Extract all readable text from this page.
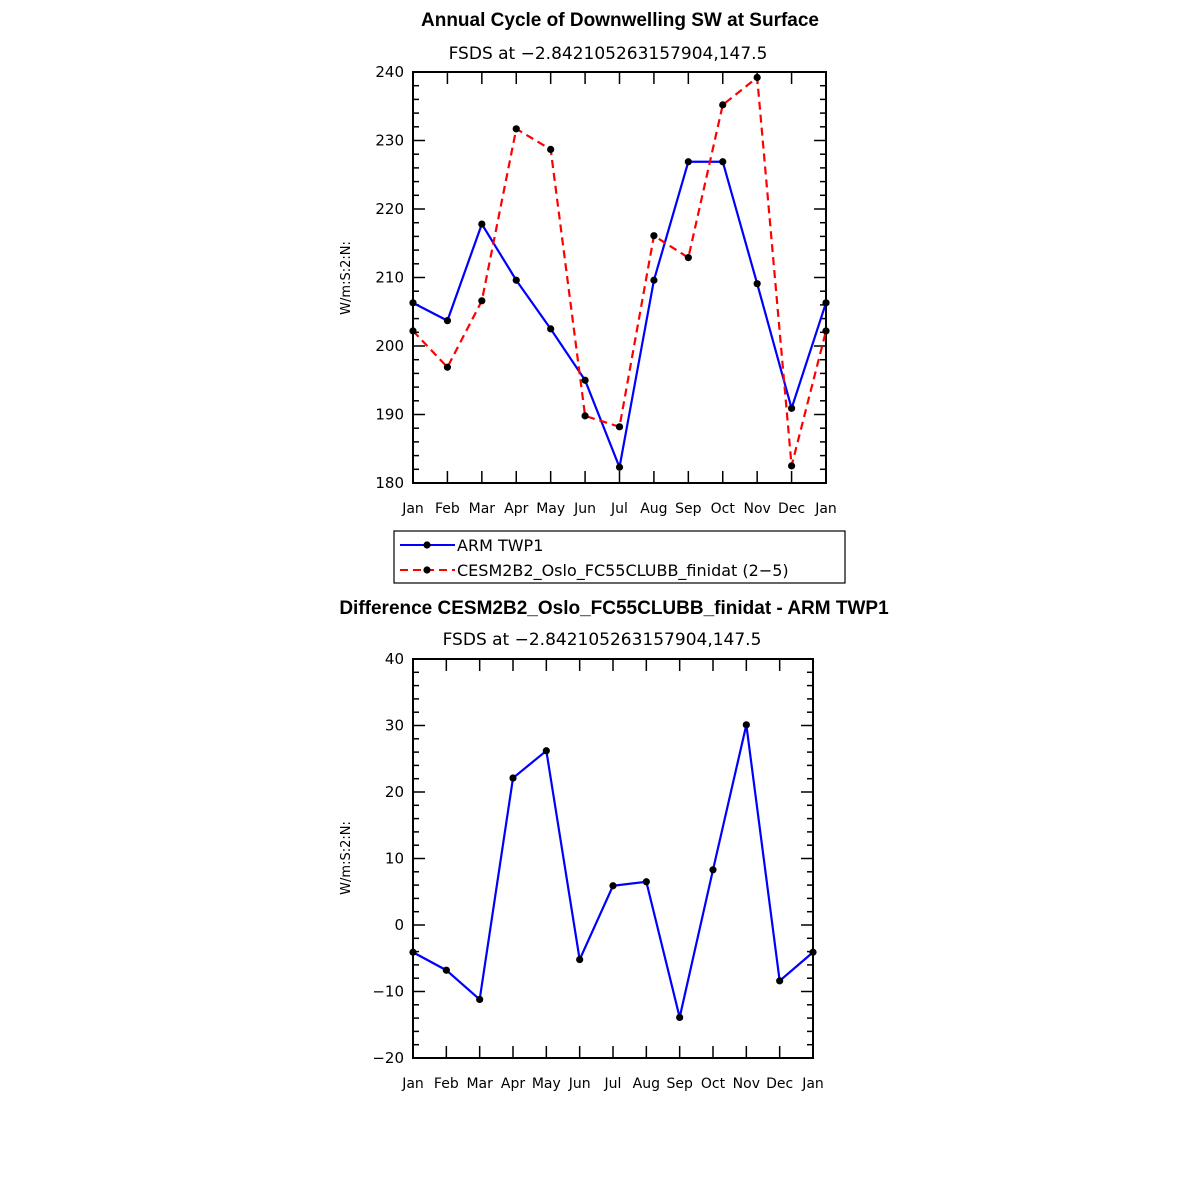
Annual Cycle of Downwelling SW at Surface
FSDS at −2.842105263157904,147.5
W/m:S:2:N:
180
190
200
210
220
230
240
Jan Feb Mar Apr May Jun Jul Aug Sep Oct Nov Dec Jan
ARM TWP1
CESM2B2_Oslo_FC55CLUBB_finidat (2−5)
Difference CESM2B2_Oslo_FC55CLUBB_finidat - ARM TWP1
FSDS at −2.842105263157904,147.5
W/m:S:2:N:
−20
−10
0
10
20
30
40
Jan Feb Mar Apr May Jun Jul Aug Sep Oct Nov Dec Jan
